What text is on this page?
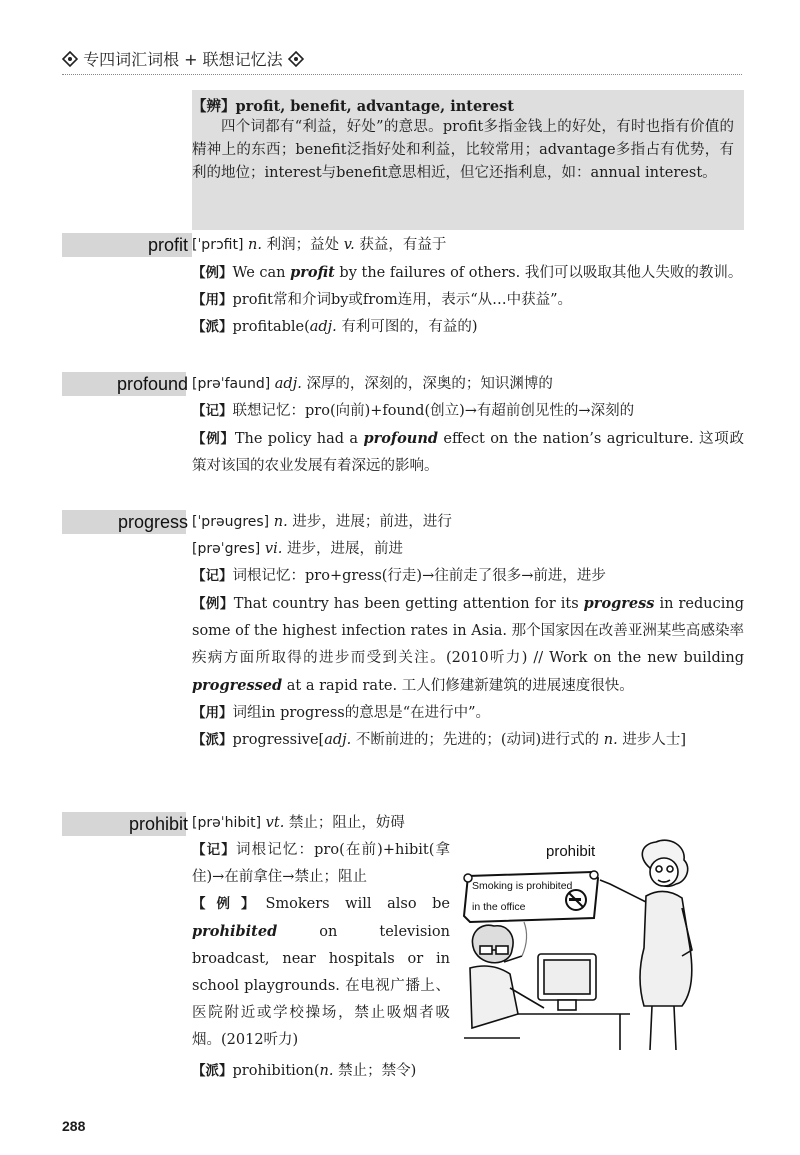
专四词汇词根 + 联想记忆法
【辨】profit, benefit, advantage, interest
四个词都有“利益，好处”的意思。profit多指金钱上的好处，有时也指有价值的精神上的东西；benefit泛指好处和利益，比较常用；advantage多指占有优势，有利的地位；interest与benefit意思相近，但它还指利息，如：annual interest。
profit
profound
progress
prohibit
[ˈprɔfit] n. 利润；益处 v. 获益，有益于
【例】We can profit by the failures of others. 我们可以吸取其他人失败的教训。
【用】profit常和介词by或from连用，表示“从…中获益”。
【派】profitable(adj. 有利可图的，有益的)
[prəˈfaund] adj. 深厚的，深刻的，深奥的；知识渊博的
【记】联想记忆：pro(向前)+found(创立)→有超前创见性的→深刻的
【例】The policy had a profound effect on the nation’s agriculture. 这项政策对该国的农业发展有着深远的影响。
[ˈprəugres] n. 进步，进展；前进，进行
[prəˈgres] vi. 进步，进展，前进
【记】词根记忆：pro+gress(行走)→往前走了很多→前进，进步
【例】That country has been getting attention for its progress in reducing some of the highest infection rates in Asia. 那个国家因在改善亚洲某些高感染率疾病方面所取得的进步而受到关注。(2010听力) // Work on the new building progressed at a rapid rate. 工人们修建新建筑的进展速度很快。
【用】词组in progress的意思是“在进行中”。
【派】progressive[adj. 不断前进的；先进的；(动词)进行式的 n. 进步人士]
[prəˈhibit] vt. 禁止；阻止，妨碍
【记】词根记忆：pro(在前)+hibit(拿住)→在前拿住→禁止；阻止
【例】Smokers will also be prohibited on television broadcast, near hospitals or in school playgrounds. 在电视广播上、医院附近或学校操场，禁止吸烟者吸烟。(2012听力)
【派】prohibition(n. 禁止；禁令)
prohibit
Smoking is prohibited
in the office
288
